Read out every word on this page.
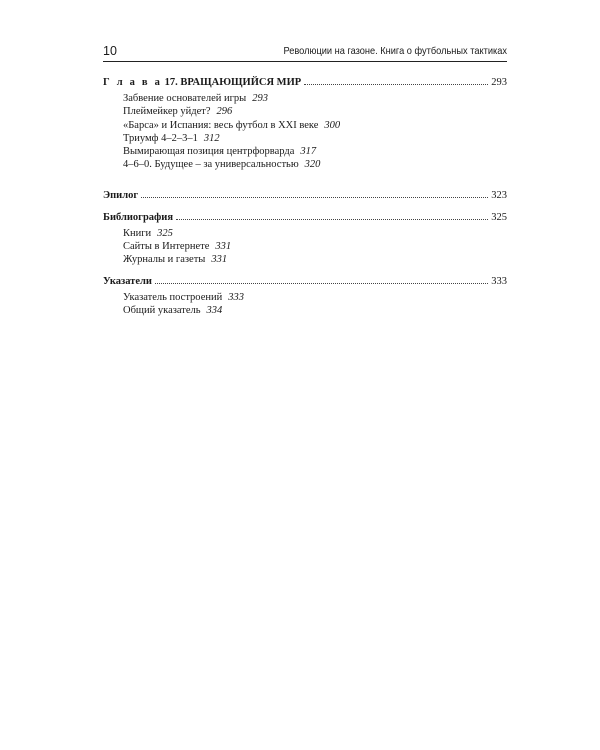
10	Революции на газоне. Книга о футбольных тактиках
Г л а в а 17. ВРАЩАЮЩИЙСЯ МИР	293
Забвение основателей игры 293
Плеймейкер уйдет? 296
«Барса» и Испания: весь футбол в XXI веке 300
Триумф 4–2–3–1 312
Вымирающая позиция центрфорварда 317
4–6–0. Будущее – за универсальностью 320
Эпилог	323
Библиография	325
Книги 325
Сайты в Интернете 331
Журналы и газеты 331
Указатели	333
Указатель построений 333
Общий указатель 334
